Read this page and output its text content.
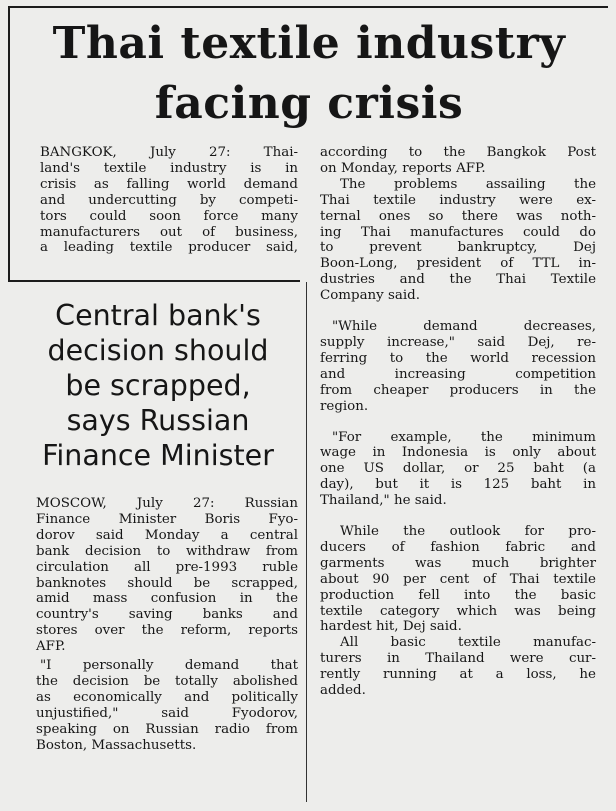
Thai textile industry
facing crisis

BANGKOK, July 27: Thai-
land's textile industry is in
crisis as falling world demand
and undercutting by competi-
tors could soon force many
manufacturers out of business,
a leading textile producer said,

according to the Bangkok Post
on Monday, reports AFP.

The problems assailing the
Thai textile industry were ex-
ternal ones so there was noth-
ing Thai manufactures could do
to prevent bankruptcy, Dej
Boon-Long, president of TTL in-
dustries and the Thai Textile
Company said.

"While demand decreases,
supply increase," said Dej, re-
ferring to the world recession
and increasing competition
from cheaper producers in the
region.

"For example, the minimum
wage in Indonesia is only about
one US dollar, or 25 baht (a
day), but it is 125 baht in
Thailand," he said.

While the outlook for pro-
ducers of fashion fabric and
garments was much brighter
about 90 per cent of Thai textile
production fell into the basic
textile category which was being
hardest hit, Dej said.

All basic textile manufac-
turers in Thailand were cur-
rently running at a loss, he
added.

Central bank's
decision should
be scrapped,
says Russian
Finance Minister

MOSCOW, July 27: Russian
Finance Minister Boris Fyo-
dorov said Monday a central
bank decision to withdraw from
circulation all pre-1993 ruble
banknotes should be scrapped,
amid mass confusion in the
country's saving banks and
stores over the reform, reports
AFP.

"I personally demand that
the decision be totally abolished
as economically and politically
unjustified," said Fyodorov,
speaking on Russian radio from
Boston, Massachusetts.
